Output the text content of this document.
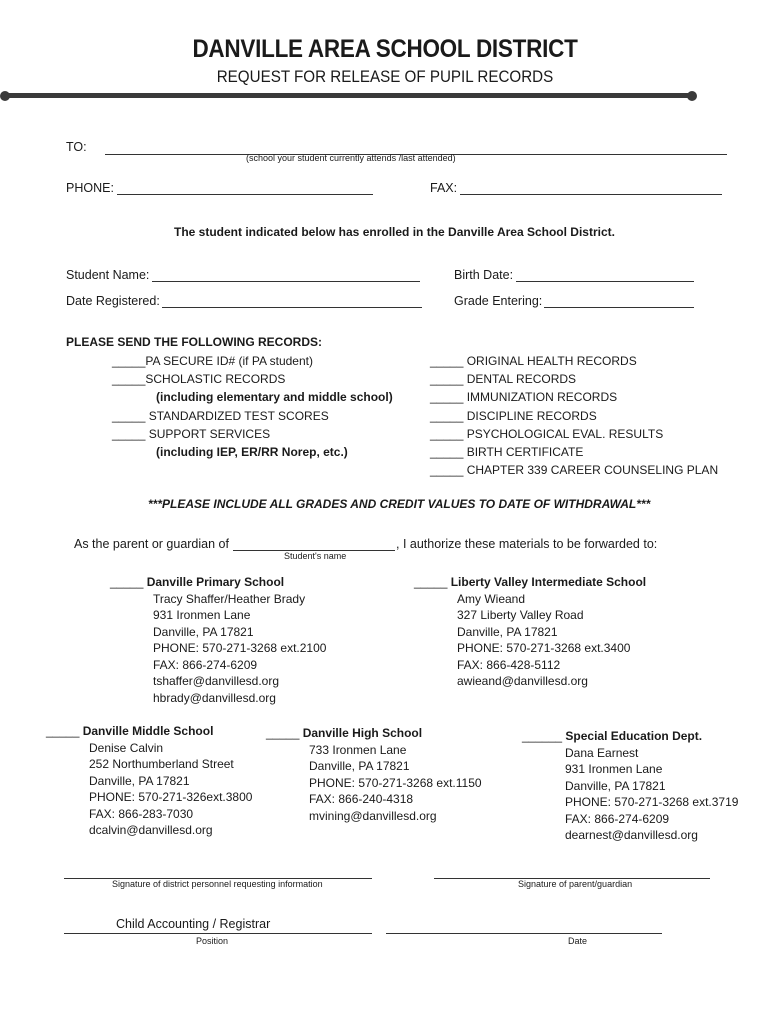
DANVILLE AREA SCHOOL DISTRICT
REQUEST FOR RELEASE OF PUPIL RECORDS
TO:
(school your student currently attends /last attended)
PHONE:	FAX:
The student indicated below has enrolled in the Danville Area School District.
Student Name:	Birth Date:
Date Registered:	Grade Entering:
PLEASE SEND THE FOLLOWING RECORDS:
_____PA SECURE ID# (if PA student)
_____SCHOLASTIC RECORDS
(including elementary and middle school)
_____ STANDARDIZED TEST SCORES
_____ SUPPORT SERVICES
(including IEP, ER/RR Norep, etc.)
_____ ORIGINAL HEALTH RECORDS
_____ DENTAL RECORDS
_____ IMMUNIZATION RECORDS
_____ DISCIPLINE RECORDS
_____ PSYCHOLOGICAL EVAL. RESULTS
_____ BIRTH CERTIFICATE
_____ CHAPTER 339 CAREER COUNSELING PLAN
***PLEASE INCLUDE ALL GRADES AND CREDIT VALUES TO DATE OF WITHDRAWAL***
As the parent or guardian of	, I authorize these materials to be forwarded to:
Student's name
_____ Danville Primary School
Tracy Shaffer/Heather Brady
931 Ironmen Lane
Danville, PA 17821
PHONE: 570-271-3268 ext.2100
FAX: 866-274-6209
tshaffer@danvillesd.org
hbrady@danvillesd.org
_____ Liberty Valley Intermediate School
Amy Wieand
327 Liberty Valley Road
Danville, PA 17821
PHONE: 570-271-3268 ext.3400
FAX: 866-428-5112
awieand@danvillesd.org
_____ Danville Middle School
Denise Calvin
252 Northumberland Street
Danville, PA 17821
PHONE: 570-271-326ext.3800
FAX: 866-283-7030
dcalvin@danvillesd.org
_____ Danville High School
733 Ironmen Lane
Danville, PA 17821
PHONE: 570-271-3268 ext.1150
FAX: 866-240-4318
mvining@danvillesd.org
______ Special Education Dept.
Dana Earnest
931 Ironmen Lane
Danville, PA 17821
PHONE: 570-271-3268 ext.3719
FAX: 866-274-6209
dearnest@danvillesd.org
Signature of district personnel requesting information	Signature of parent/guardian
Child Accounting / Registrar
Position	Date
